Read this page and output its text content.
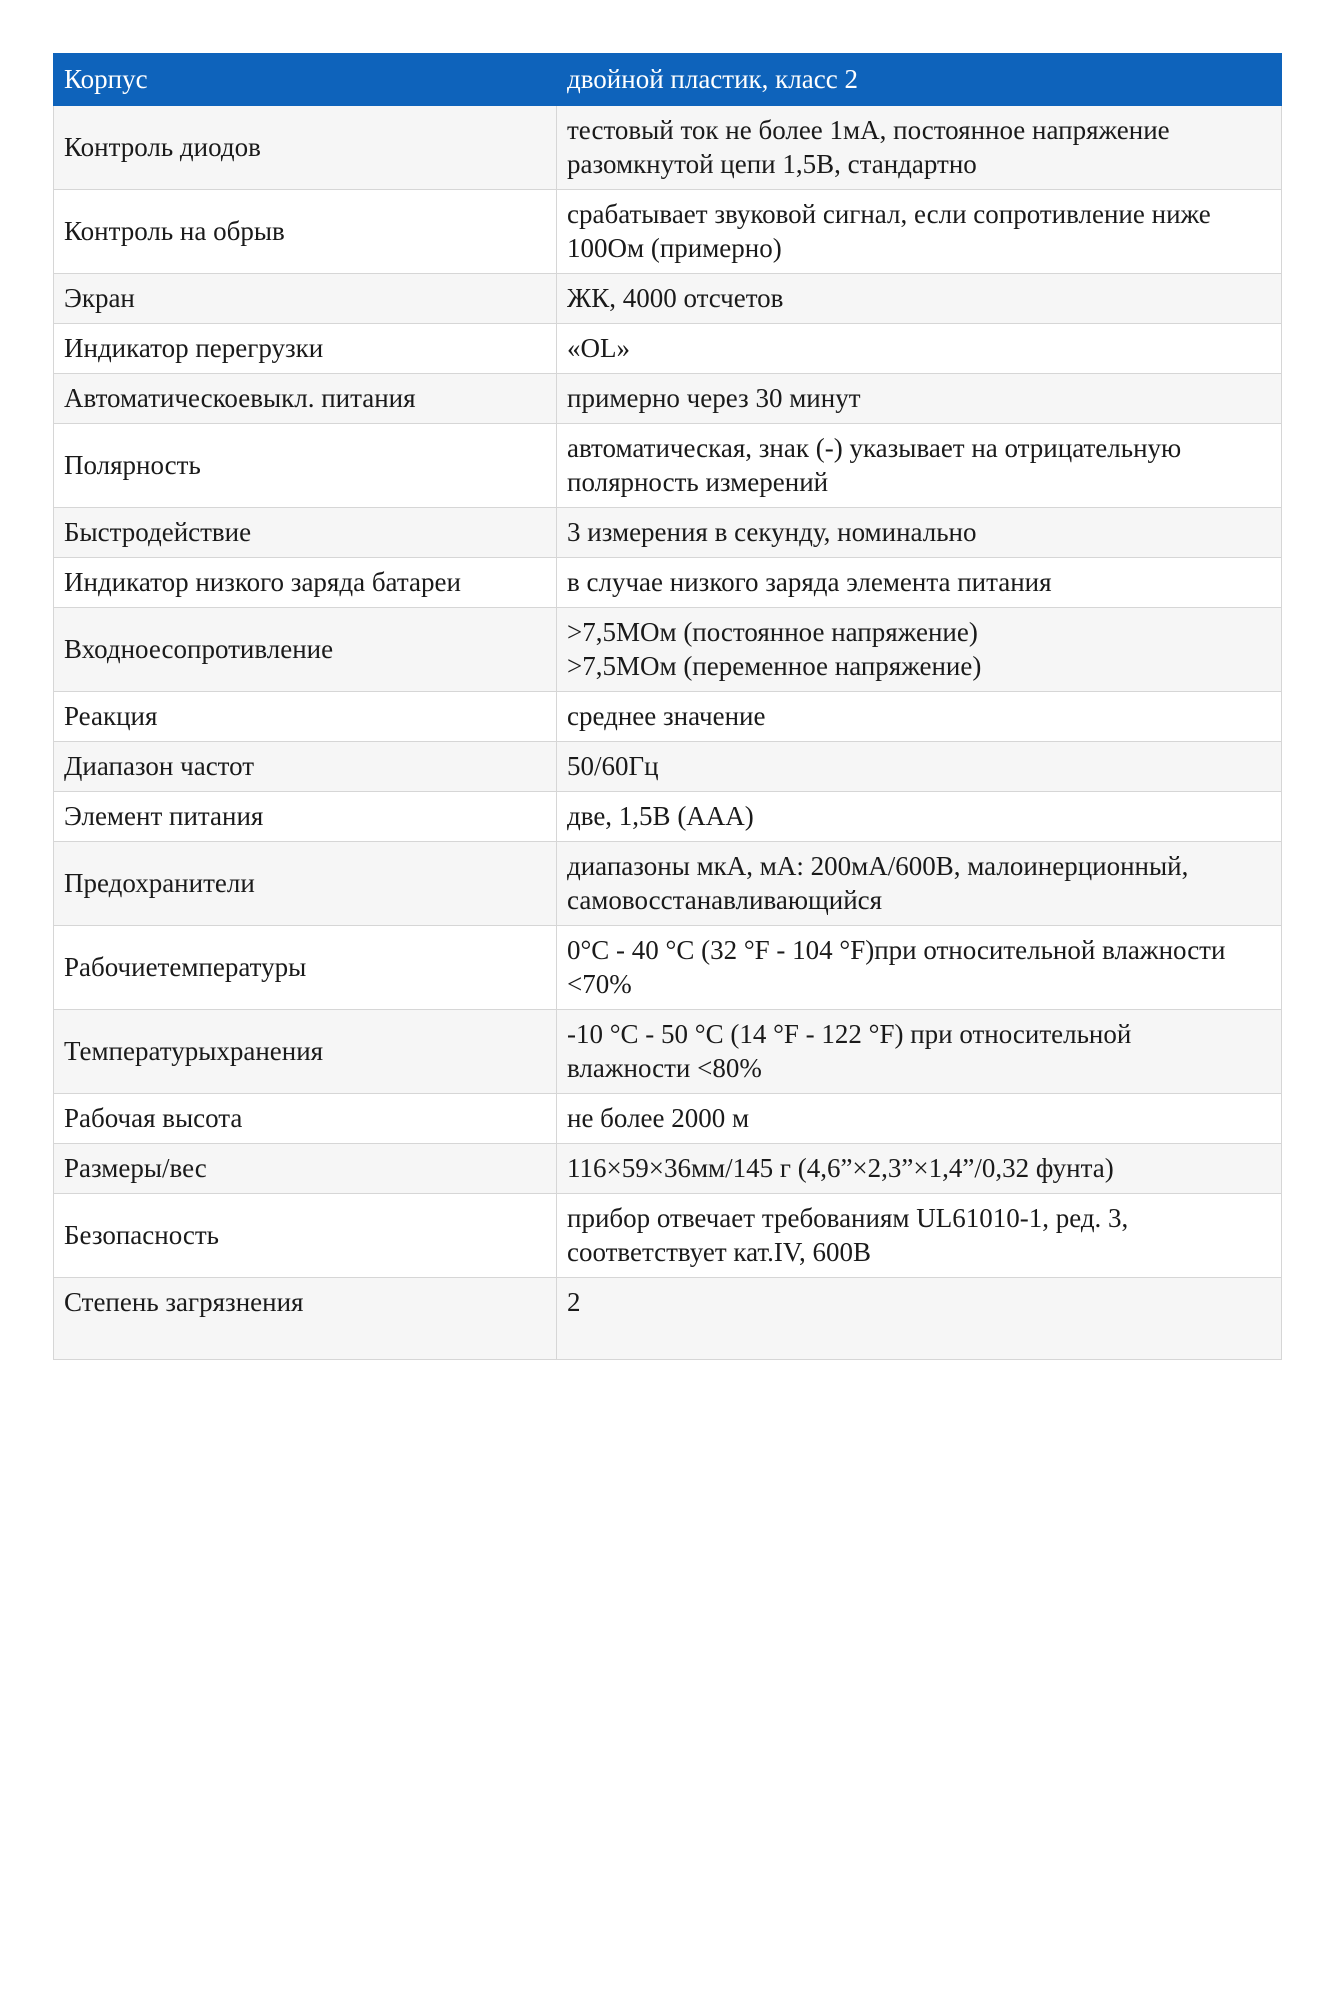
Корпус	двойной пластик, класс 2
Контроль диодов	тестовый ток не более 1мА, постоянное напряжение
разомкнутой цепи 1,5В, стандартно

Контроль на обрыв	срабатывает звуковой сигнал, если сопротивление ниже
100Ом (примерно)

Экран	ЖК, 4000 отсчетов

Индикатор перегрузки	«OL»

Автоматическоевыкл. питания	примерно через 30 минут

Полярность	автоматическая, знак (-) указывает на отрицательную
полярность измерений

Быстродействие	3 измерения в секунду, номинально

Индикатор низкого заряда батареи	в случае низкого заряда элемента питания

Входноесопротивление	>7,5МОм (постоянное напряжение)
>7,5МОм (переменное напряжение)

Реакция	среднее значение

Диапазон частот	50/60Гц

Элемент питания	две, 1,5В (ААА)

Предохранители	диапазоны мкА, мА: 200мА/600В, малоинерционный,
самовосстанавливающийся

Рабочиетемпературы	0°C - 40 °C (32 °F - 104 °F)при относительной влажности
<70%

Температурыхранения	-10 °C - 50 °C (14 °F - 122 °F) при относительной
влажности <80%

Рабочая высота	не более 2000 м

Размеры/вес	116×59×36мм/145 г (4,6”×2,3”×1,4”/0,32 фунта)

Безопасность	прибор отвечает требованиям UL61010-1, ред. 3,
соответствует кат.IV, 600В

Степень загрязнения	2
